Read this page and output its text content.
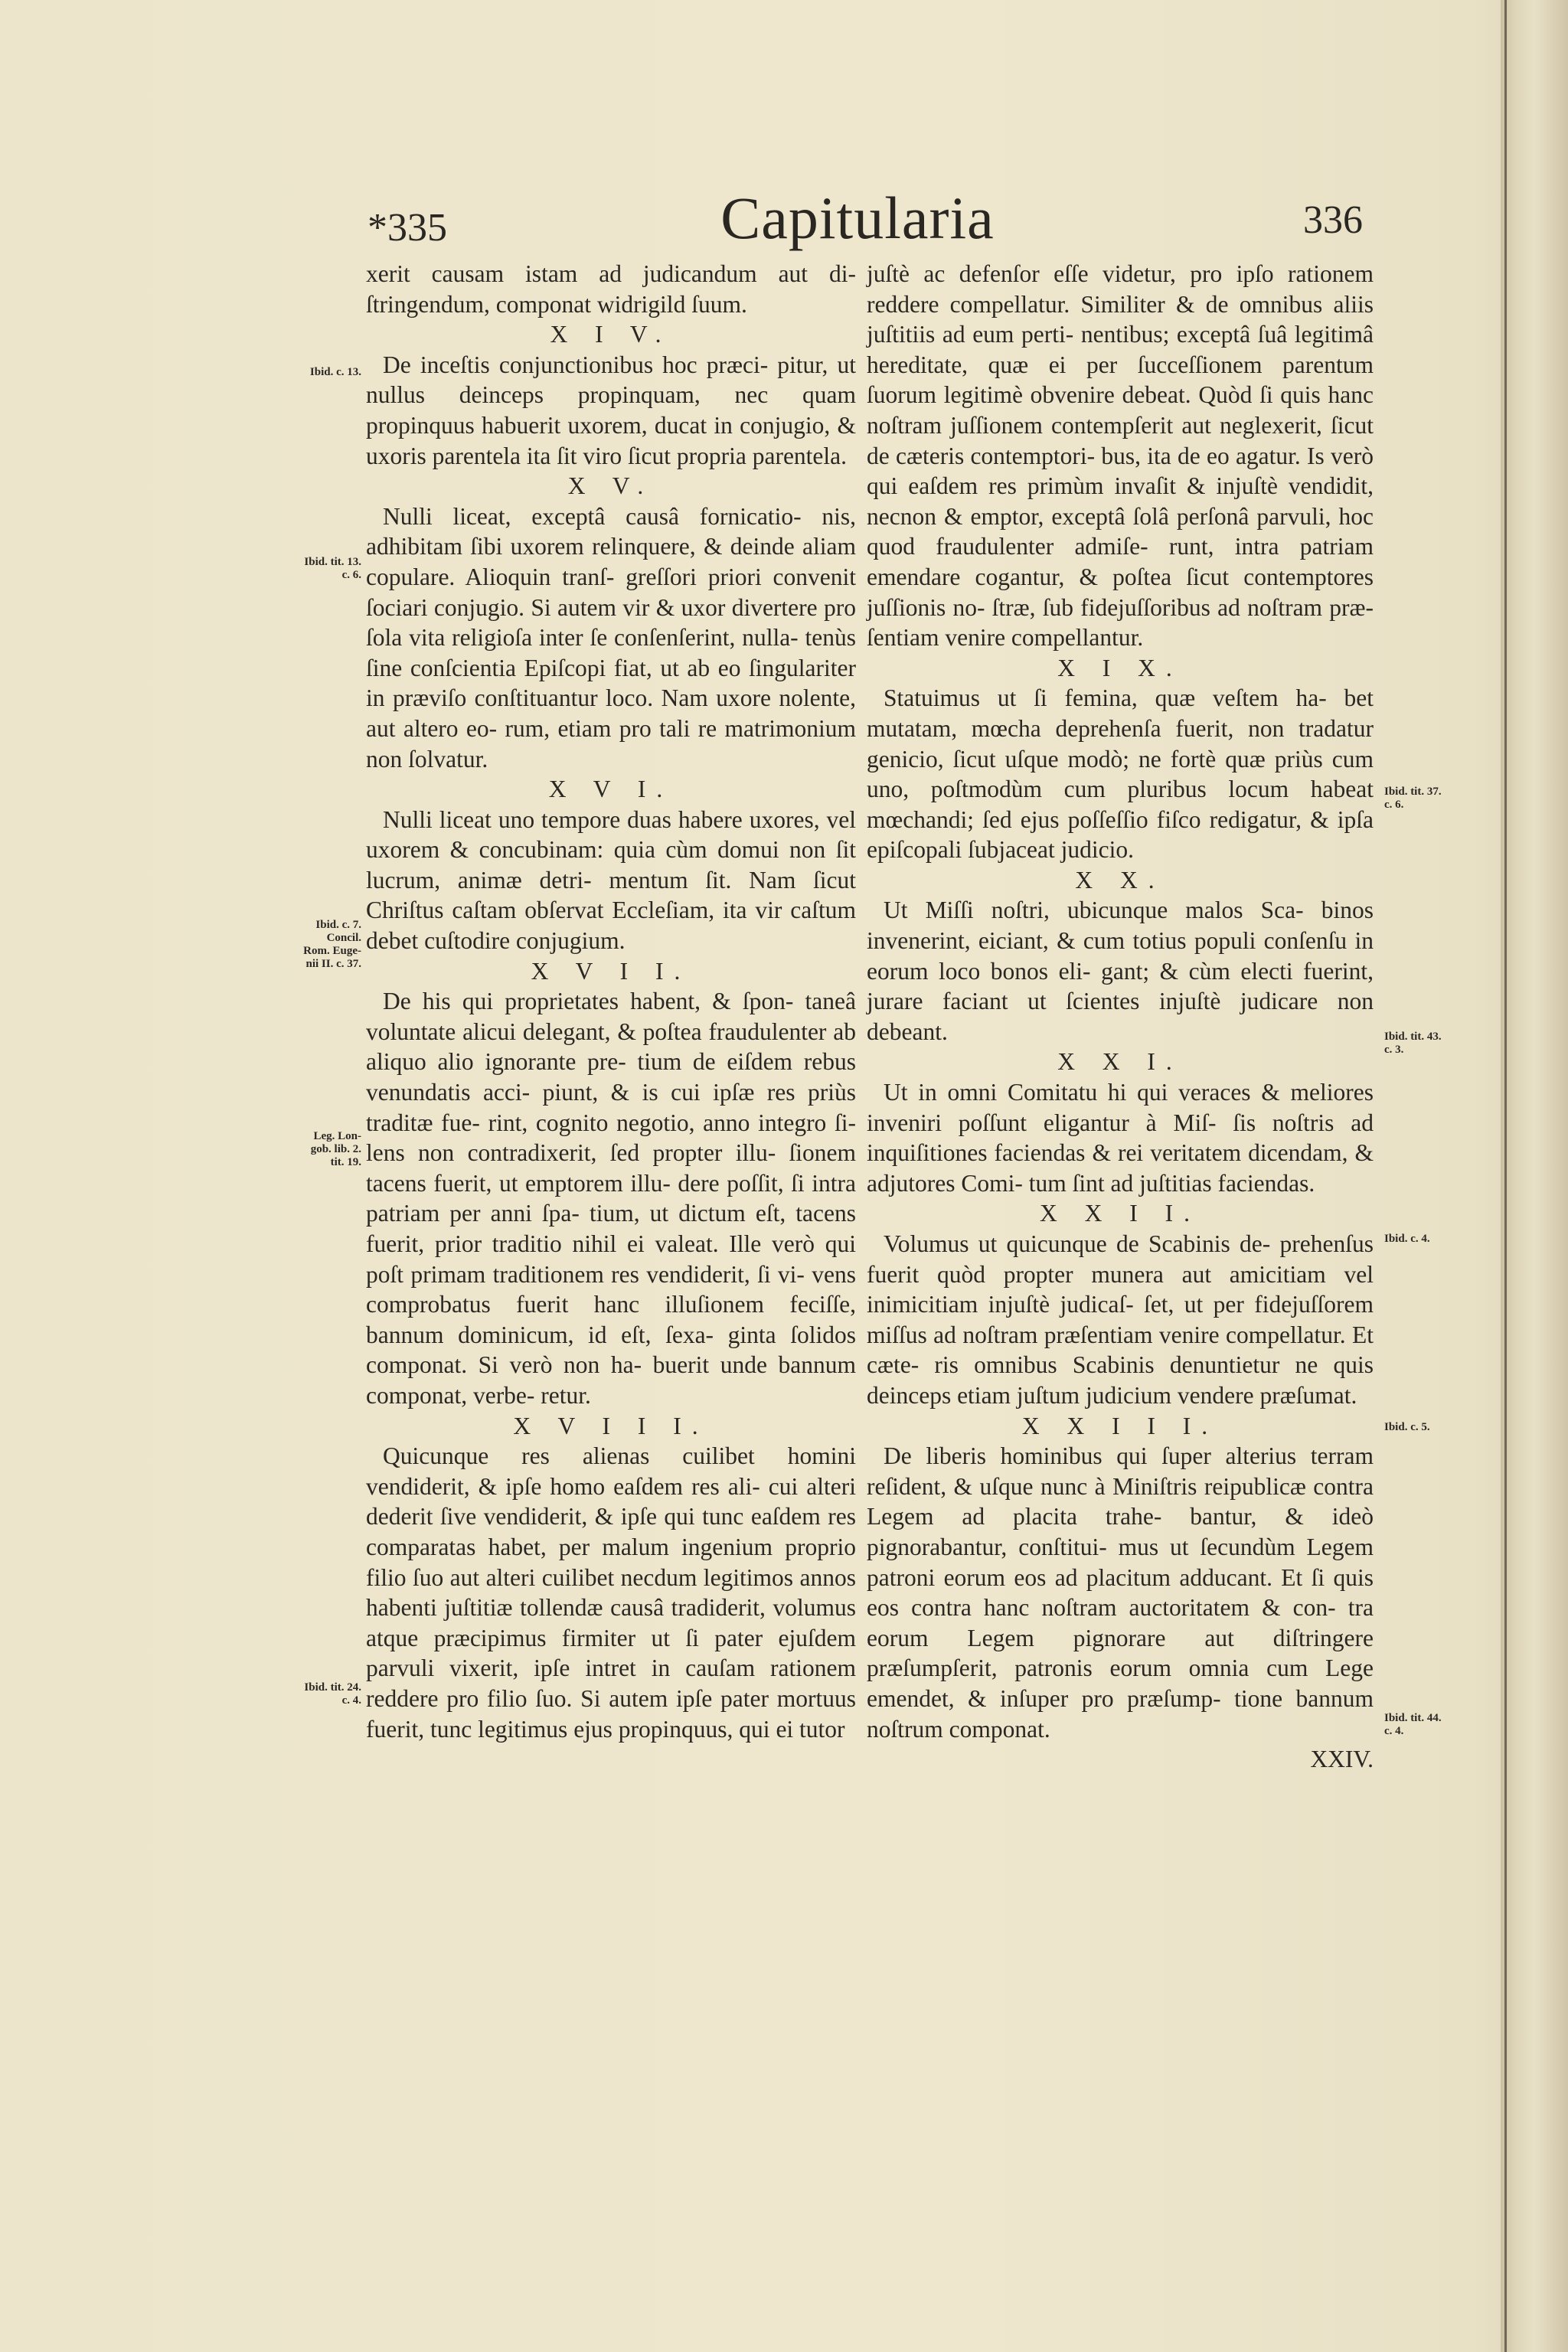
*335	Capitularia	336

xerit causam istam ad judicandum aut di- ſtringendum, componat widrigild ſuum.

X I V.

De inceſtis conjunctionibus hoc præci- pitur, ut nullus deinceps propinquam, nec quam propinquus habuerit uxorem, ducat in conjugio, & uxoris parentela ita ſit viro ſicut propria parentela.

X V.

Nulli liceat, exceptâ causâ fornicatio- nis, adhibitam ſibi uxorem relinquere, & deinde aliam copulare. Alioquin tranſ- greſſori priori convenit ſociari conjugio. Si autem vir & uxor divertere pro ſola vita religioſa inter ſe conſenſerint, nulla- tenùs ſine conſcientia Epiſcopi fiat, ut ab eo ſingulariter in præviſo conſtituantur loco. Nam uxore nolente, aut altero eo- rum, etiam pro tali re matrimonium non ſolvatur.

X V I.

Nulli liceat uno tempore duas habere uxores, vel uxorem & concubinam: quia cùm domui non ſit lucrum, animæ detri- mentum ſit. Nam ſicut Chriſtus caſtam obſervat Eccleſiam, ita vir caſtum debet cuſtodire conjugium.

X V I I.

De his qui proprietates habent, & ſpon- taneâ voluntate alicui delegant, & poſtea fraudulenter ab aliquo alio ignorante pre- tium de eiſdem rebus venundatis acci- piunt, & is cui ipſæ res priùs traditæ fue- rint, cognito negotio, anno integro ſi- lens non contradixerit, ſed propter illu- ſionem tacens fuerit, ut emptorem illu- dere poſſit, ſi intra patriam per anni ſpa- tium, ut dictum eſt, tacens fuerit, prior traditio nihil ei valeat. Ille verò qui poſt primam traditionem res vendiderit, ſi vi- vens comprobatus fuerit hanc illuſionem feciſſe, bannum dominicum, id eſt, ſexa- ginta ſolidos componat. Si verò non ha- buerit unde bannum componat, verbe- retur.

X V I I I.

Quicunque res alienas cuilibet homini vendiderit, & ipſe homo eaſdem res ali- cui alteri dederit ſive vendiderit, & ipſe qui tunc eaſdem res comparatas habet, per malum ingenium proprio filio ſuo aut alteri cuilibet necdum legitimos annos habenti juſtitiæ tollendæ causâ tradiderit, volumus atque præcipimus firmiter ut ſi pater ejuſdem parvuli vixerit, ipſe intret in cauſam rationem reddere pro filio ſuo. Si autem ipſe pater mortuus fuerit, tunc legitimus ejus propinquus, qui ei tutor

juſtè ac defenſor eſſe videtur, pro ipſo rationem reddere compellatur. Similiter & de omnibus aliis juſtitiis ad eum perti- nentibus; exceptâ ſuâ legitimâ hereditate, quæ ei per ſucceſſionem parentum ſuorum legitimè obvenire debeat. Quòd ſi quis hanc noſtram juſſionem contempſerit aut neglexerit, ſicut de cæteris contemptori- bus, ita de eo agatur. Is verò qui eaſdem res primùm invaſit & injuſtè vendidit, necnon & emptor, exceptâ ſolâ perſonâ parvuli, hoc quod fraudulenter admiſe- runt, intra patriam emendare cogantur, & poſtea ſicut contemptores juſſionis no- ſtræ, ſub fidejuſſoribus ad noſtram præ- ſentiam venire compellantur.

X I X.

Statuimus ut ſi femina, quæ veſtem ha- bet mutatam, mœcha deprehenſa fuerit, non tradatur genicio, ſicut uſque modò; ne fortè quæ priùs cum uno, poſtmodùm cum pluribus locum habeat mœchandi; ſed ejus poſſeſſio fiſco redigatur, & ipſa epiſcopali ſubjaceat judicio.

X X.

Ut Miſſi noſtri, ubicunque malos Sca- binos invenerint, eiciant, & cum totius populi conſenſu in eorum loco bonos eli- gant; & cùm electi fuerint, jurare faciant ut ſcientes injuſtè judicare non debeant.

X X I.

Ut in omni Comitatu hi qui veraces & meliores inveniri poſſunt eligantur à Miſ- ſis noſtris ad inquiſitiones faciendas & rei veritatem dicendam, & adjutores Comi- tum ſint ad juſtitias faciendas.

X X I I.

Volumus ut quicunque de Scabinis de- prehenſus fuerit quòd propter munera aut amicitiam vel inimicitiam injuſtè judicaſ- ſet, ut per fidejuſſorem miſſus ad noſtram præſentiam venire compellatur. Et cæte- ris omnibus Scabinis denuntietur ne quis deinceps etiam juſtum judicium vendere præſumat.

X X I I I.

De liberis hominibus qui ſuper alterius terram reſident, & uſque nunc à Miniſtris reipublicæ contra Legem ad placita trahe- bantur, & ideò pignorabantur, conſtitui- mus ut ſecundùm Legem patroni eorum eos ad placitum adducant. Et ſi quis eos contra hanc noſtram auctoritatem & con- tra eorum Legem pignorare aut diſtringere præſumpſerit, patronis eorum omnia cum Lege emendet, & inſuper pro præſump- tione bannum noſtrum componat.

XXIV.

Ibid. c. 13.
Ibid. tit. 13.
c. 6.
Ibid. c. 7.
Concil.
Rom. Euge-
nii II. c. 37.
Leg. Lon-
gob. lib. 2.
tit. 19.
Ibid. tit. 24.
c. 4.
Ibid. tit. 37.
c. 6.
Ibid. tit. 43.
c. 3.
Ibid. c. 4.
Ibid. c. 5.
Ibid. tit. 44.
c. 4.
